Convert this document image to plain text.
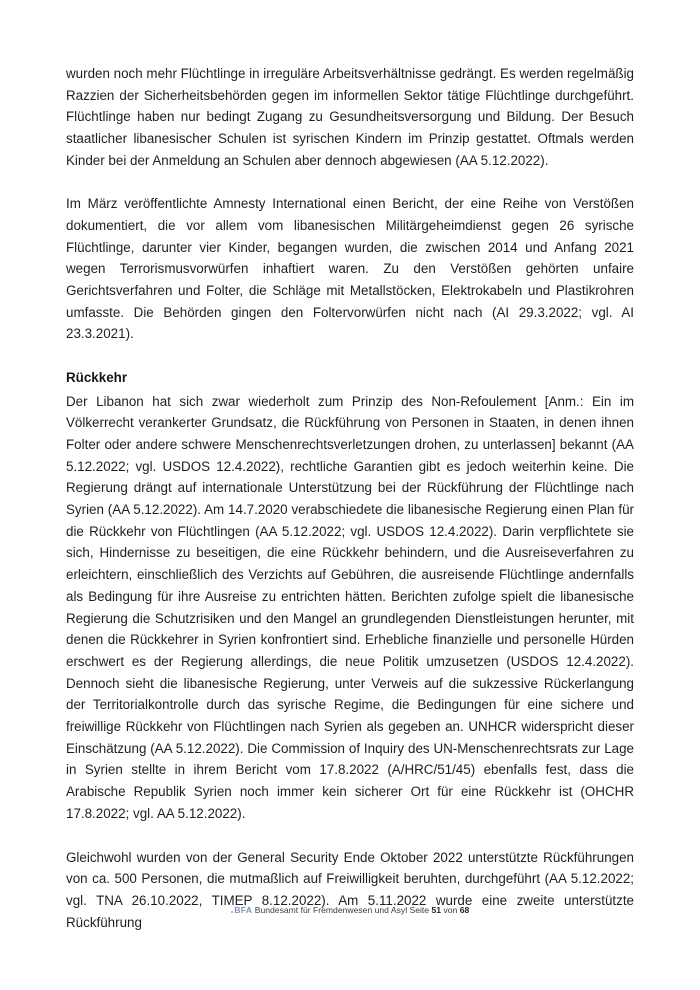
wurden noch mehr Flüchtlinge in irreguläre Arbeitsverhältnisse gedrängt. Es werden regelmäßig Razzien der Sicherheitsbehörden gegen im informellen Sektor tätige Flüchtlinge durchgeführt. Flüchtlinge haben nur bedingt Zugang zu Gesundheitsversorgung und Bildung. Der Besuch staatlicher libanesischer Schulen ist syrischen Kindern im Prinzip gestattet. Oftmals werden Kinder bei der Anmeldung an Schulen aber dennoch abgewiesen (AA 5.12.2022).

Im März veröffentlichte Amnesty International einen Bericht, der eine Reihe von Verstößen dokumentiert, die vor allem vom libanesischen Militärgeheimdienst gegen 26 syrische Flüchtlinge, darunter vier Kinder, begangen wurden, die zwischen 2014 und Anfang 2021 wegen Terrorismusvorwürfen inhaftiert waren. Zu den Verstößen gehörten unfaire Gerichtsverfahren und Folter, die Schläge mit Metallstöcken, Elektrokabeln und Plastikrohren umfasste. Die Behörden gingen den Foltervorwürfen nicht nach (AI 29.3.2022; vgl. AI 23.3.2021).

Rückkehr

Der Libanon hat sich zwar wiederholt zum Prinzip des Non-Refoulement [Anm.: Ein im Völkerrecht verankerter Grundsatz, die Rückführung von Personen in Staaten, in denen ihnen Folter oder andere schwere Menschenrechtsverletzungen drohen, zu unterlassen] bekannt (AA 5.12.2022; vgl. USDOS 12.4.2022), rechtliche Garantien gibt es jedoch weiterhin keine. Die Regierung drängt auf internationale Unterstützung bei der Rückführung der Flüchtlinge nach Syrien (AA 5.12.2022). Am 14.7.2020 verabschiedete die libanesische Regierung einen Plan für die Rückkehr von Flüchtlingen (AA 5.12.2022; vgl. USDOS 12.4.2022). Darin verpflichtete sie sich, Hindernisse zu beseitigen, die eine Rückkehr behindern, und die Ausreiseverfahren zu erleichtern, einschließlich des Verzichts auf Gebühren, die ausreisende Flüchtlinge andernfalls als Bedingung für ihre Ausreise zu entrichten hätten. Berichten zufolge spielt die libanesische Regierung die Schutzrisiken und den Mangel an grundlegenden Dienstleistungen herunter, mit denen die Rückkehrer in Syrien konfrontiert sind. Erhebliche finanzielle und personelle Hürden erschwert es der Regierung allerdings, die neue Politik umzusetzen (USDOS 12.4.2022). Dennoch sieht die libanesische Regierung, unter Verweis auf die sukzessive Rückerlangung der Territorialkontrolle durch das syrische Regime, die Bedingungen für eine sichere und freiwillige Rückkehr von Flüchtlingen nach Syrien als gegeben an. UNHCR widerspricht dieser Einschätzung (AA 5.12.2022). Die Commission of Inquiry des UN-Menschenrechtsrats zur Lage in Syrien stellte in ihrem Bericht vom 17.8.2022 (A/HRC/51/45) ebenfalls fest, dass die Arabische Republik Syrien noch immer kein sicherer Ort für eine Rückkehr ist (OHCHR 17.8.2022; vgl. AA 5.12.2022).

Gleichwohl wurden von der General Security Ende Oktober 2022 unterstützte Rückführungen von ca. 500 Personen, die mutmaßlich auf Freiwilligkeit beruhten, durchgeführt (AA 5.12.2022; vgl. TNA 26.10.2022, TIMEP 8.12.2022). Am 5.11.2022 wurde eine zweite unterstützte Rückführung

BFA Bundesamt für Fremdenwesen und Asyl Seite 51 von 68
